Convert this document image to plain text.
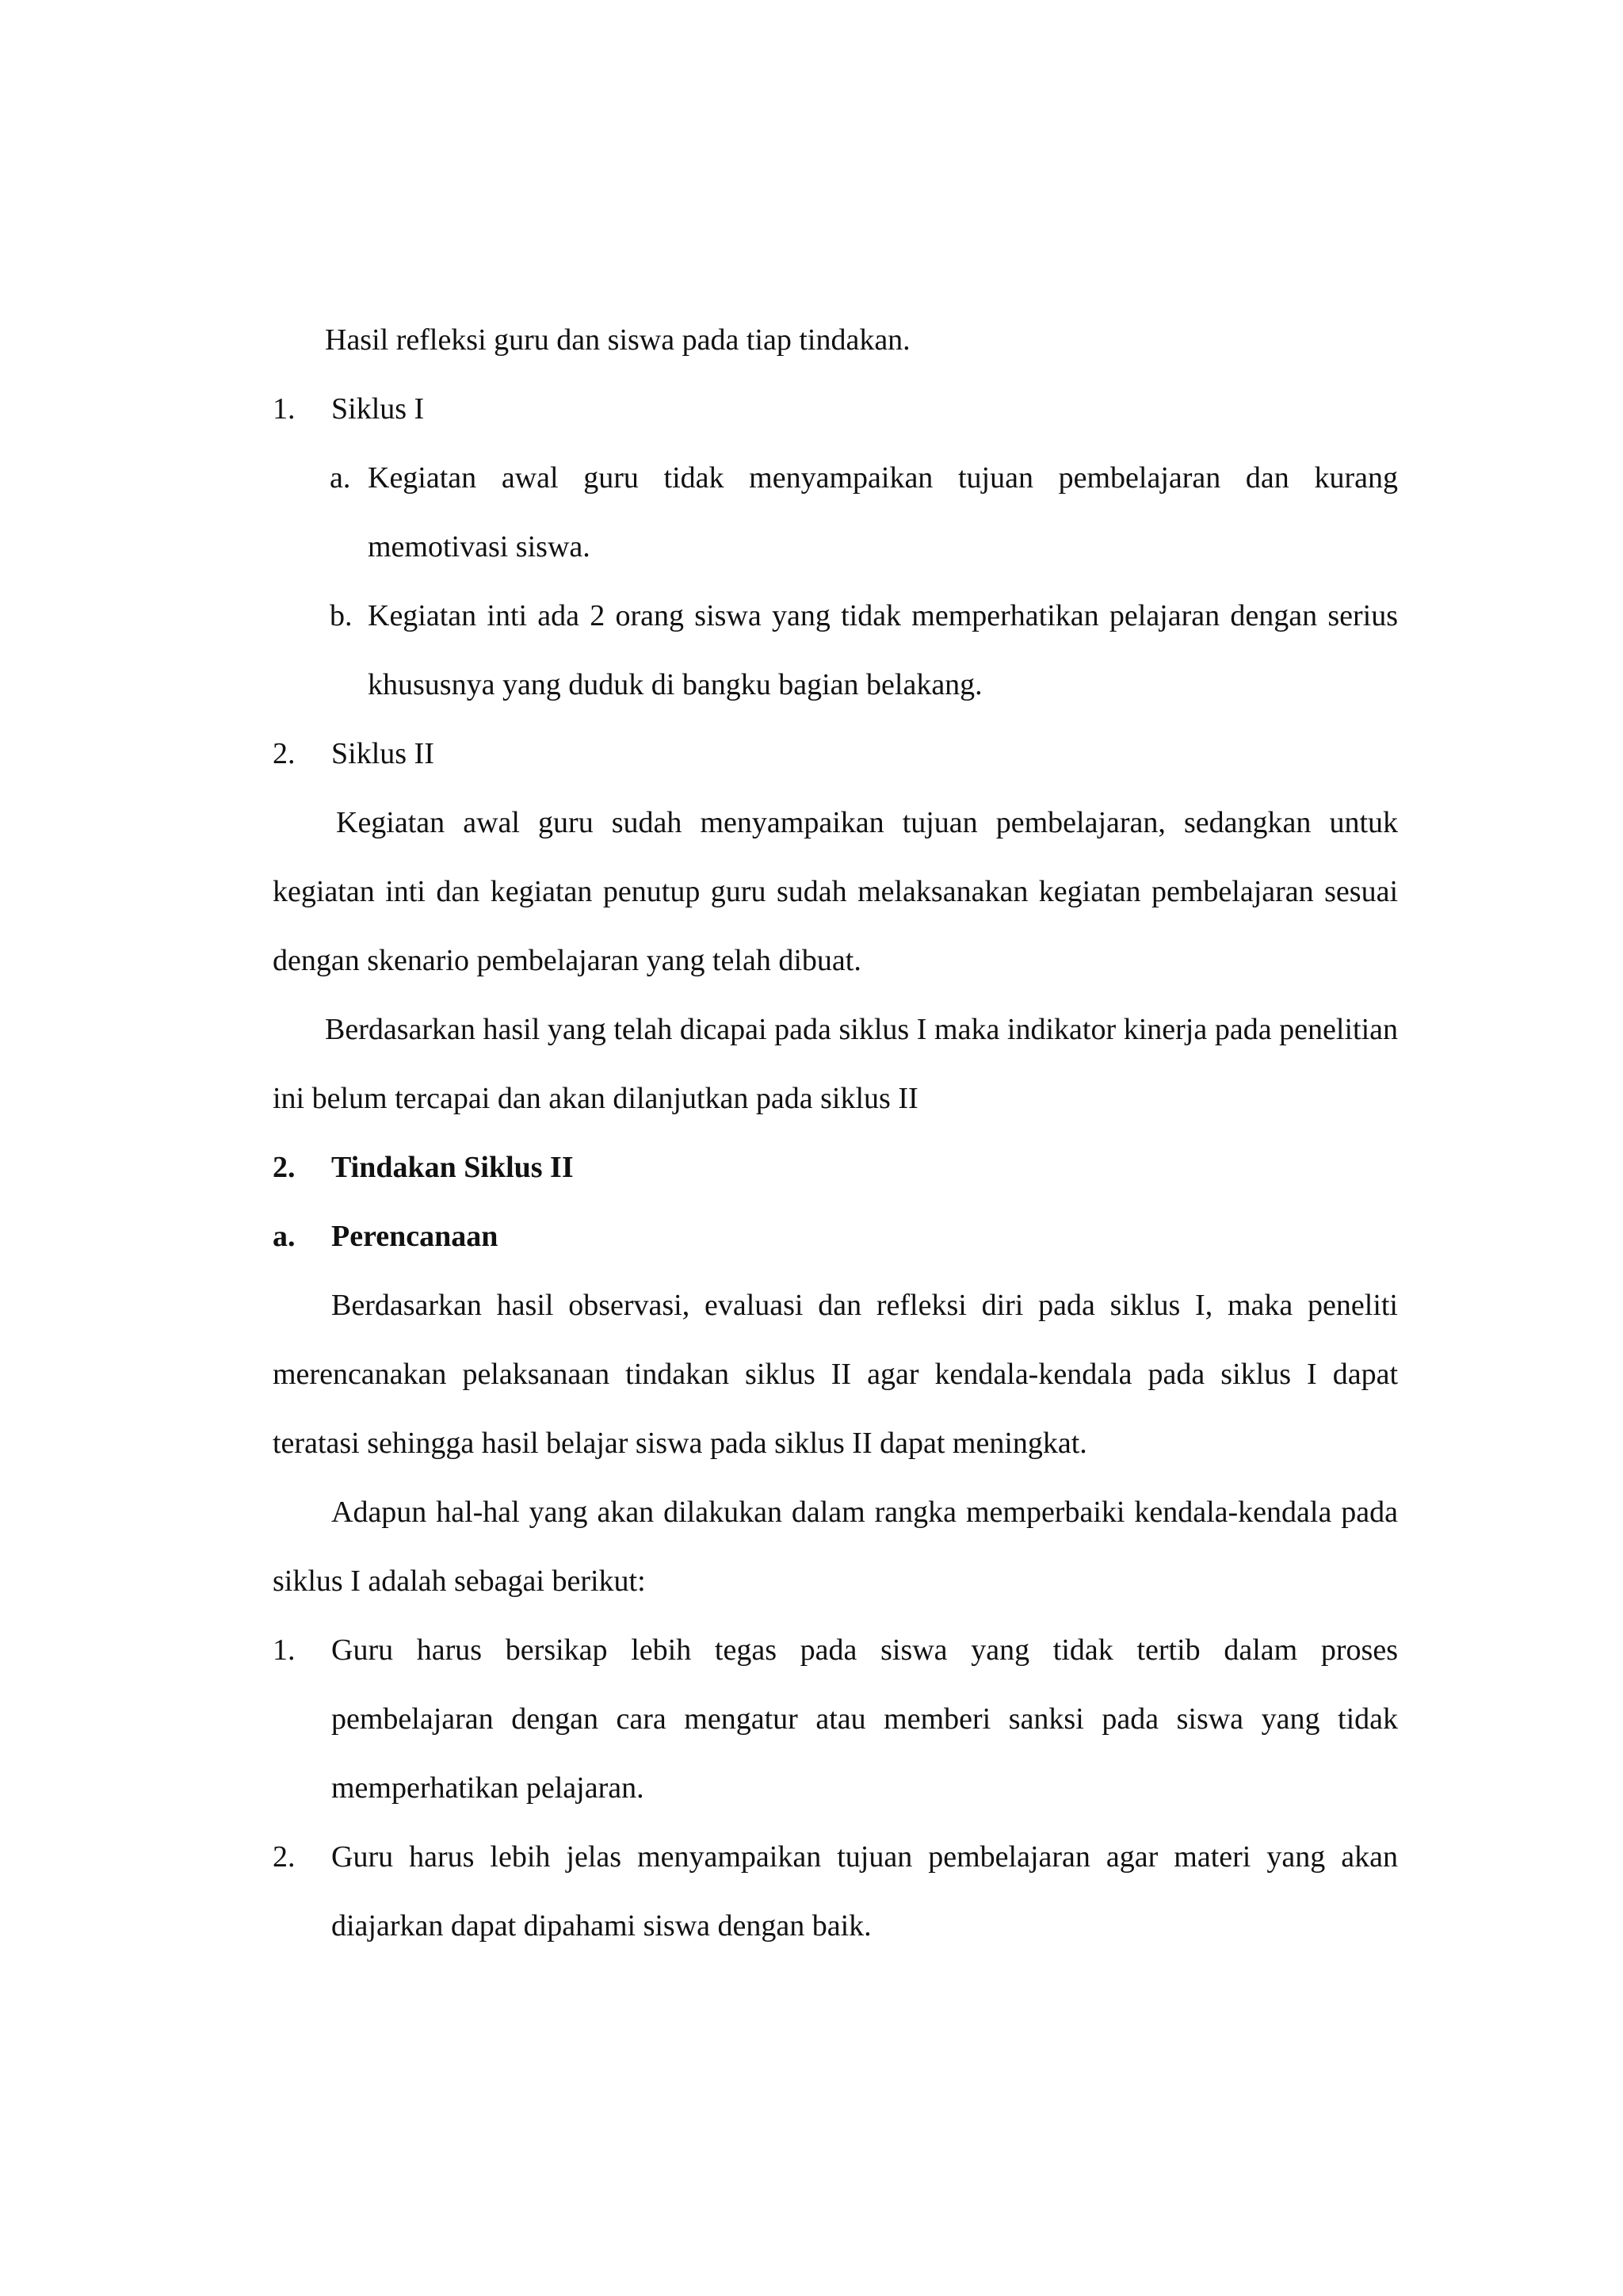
Hasil refleksi guru dan siswa pada tiap tindakan.
1. Siklus I
a. Kegiatan awal guru tidak menyampaikan tujuan pembelajaran dan kurang
memotivasi siswa.
b. Kegiatan inti ada 2 orang siswa yang tidak memperhatikan pelajaran dengan serius
khususnya yang duduk di bangku bagian belakang.
2. Siklus II
Kegiatan awal guru sudah menyampaikan tujuan pembelajaran, sedangkan untuk
kegiatan inti dan kegiatan penutup guru sudah melaksanakan kegiatan pembelajaran sesuai
dengan skenario pembelajaran yang telah dibuat.
Berdasarkan hasil yang telah dicapai pada siklus I maka indikator kinerja pada penelitian
ini belum tercapai dan akan dilanjutkan pada siklus II
2. Tindakan Siklus II
a. Perencanaan
Berdasarkan hasil observasi, evaluasi dan refleksi diri pada siklus I, maka peneliti
merencanakan pelaksanaan tindakan siklus II agar kendala-kendala pada siklus I dapat
teratasi sehingga hasil belajar siswa pada siklus II dapat meningkat.
Adapun hal-hal yang akan dilakukan dalam rangka memperbaiki kendala-kendala pada
siklus I adalah sebagai berikut:
1.	Guru harus bersikap lebih tegas pada siswa yang tidak tertib dalam proses
pembelajaran dengan cara mengatur atau memberi sanksi pada siswa yang tidak
memperhatikan pelajaran.
2.	Guru harus lebih jelas menyampaikan tujuan pembelajaran agar materi yang akan
diajarkan dapat dipahami siswa dengan baik.
